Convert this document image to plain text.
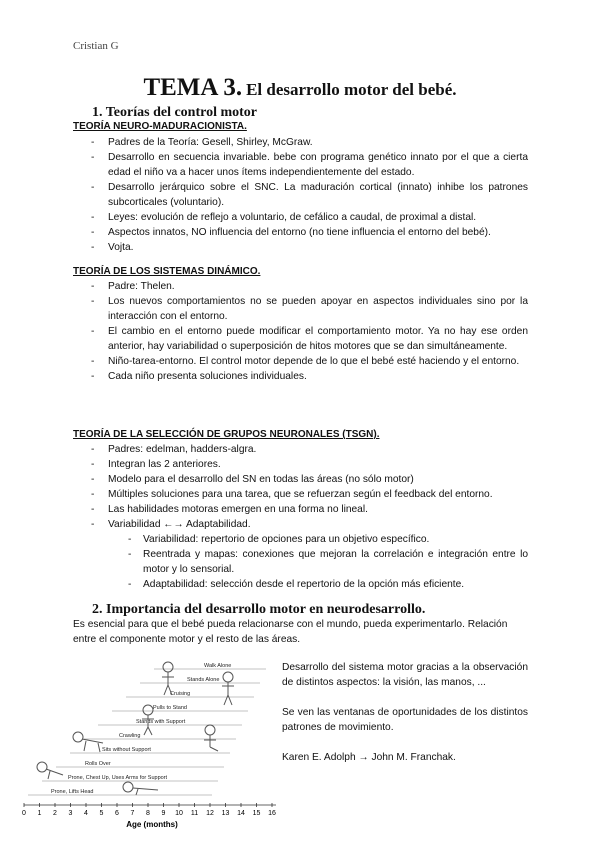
Cristian G
TEMA 3. El desarrollo motor del bebé.
1. Teorías del control motor
TEORÍA NEURO-MADURACIONISTA.
- Padres de la Teoría: Gesell, Shirley, McGraw.
- Desarrollo en secuencia invariable. bebe con programa genético innato por el que a cierta edad el niño va a hacer unos ítems independientemente del estado.
- Desarrollo jerárquico sobre el SNC. La maduración cortical (innato) inhibe los patrones subcorticales (voluntario).
- Leyes: evolución de reflejo a voluntario, de cefálico a caudal, de proximal a distal.
- Aspectos innatos, NO influencia del entorno (no tiene influencia el entorno del bebé).
- Vojta.
TEORÍA DE LOS SISTEMAS DINÁMICO.
- Padre: Thelen.
- Los nuevos comportamientos no se pueden apoyar en aspectos individuales sino por la interacción con el entorno.
- El cambio en el entorno puede modificar el comportamiento motor. Ya no hay ese orden anterior, hay variabilidad o superposición de hitos motores que se dan simultáneamente.
- Niño-tarea-entorno. El control motor depende de lo que el bebé esté haciendo y el entorno.
- Cada niño presenta soluciones individuales.
TEORÍA DE LA SELECCIÓN DE GRUPOS NEURONALES (TSGN).
- Padres: edelman, hadders-algra.
- Integran las 2 anteriores.
- Modelo para el desarrollo del SN en todas las áreas (no sólo motor)
- Múltiples soluciones para una tarea, que se refuerzan según el feedback del entorno.
- Las habilidades motoras emergen en una forma no lineal.
- Variabilidad ←→ Adaptabilidad.
- Variabilidad: repertorio de opciones para un objetivo específico.
- Reentrada y mapas: conexiones que mejoran la correlación e integración entre lo motor y lo sensorial.
- Adaptabilidad: selección desde el repertorio de la opción más eficiente.
2. Importancia del desarrollo motor en neurodesarrollo.
Es esencial para que el bebé pueda relacionarse con el mundo, pueda experimentarlo. Relación entre el componente motor y el resto de las áreas.
0 1 2 3 4 5 6 7 8 9 10 11 12 13 14 15 16
Walk Alone
Stands Alone
Cruising
Pulls to Stand
Stands with Support
Crawling
Sits without Support
Rolls Over
Prone, Chest Up, Uses Arms for Support
Prone, Lifts Head
Age (months)
Desarrollo del sistema motor gracias a la observación de distintos aspectos: la visión, las manos, ...
Se ven las ventanas de oportunidades de los distintos patrones de movimiento.
Karen E. Adolph → John M. Franchak.
